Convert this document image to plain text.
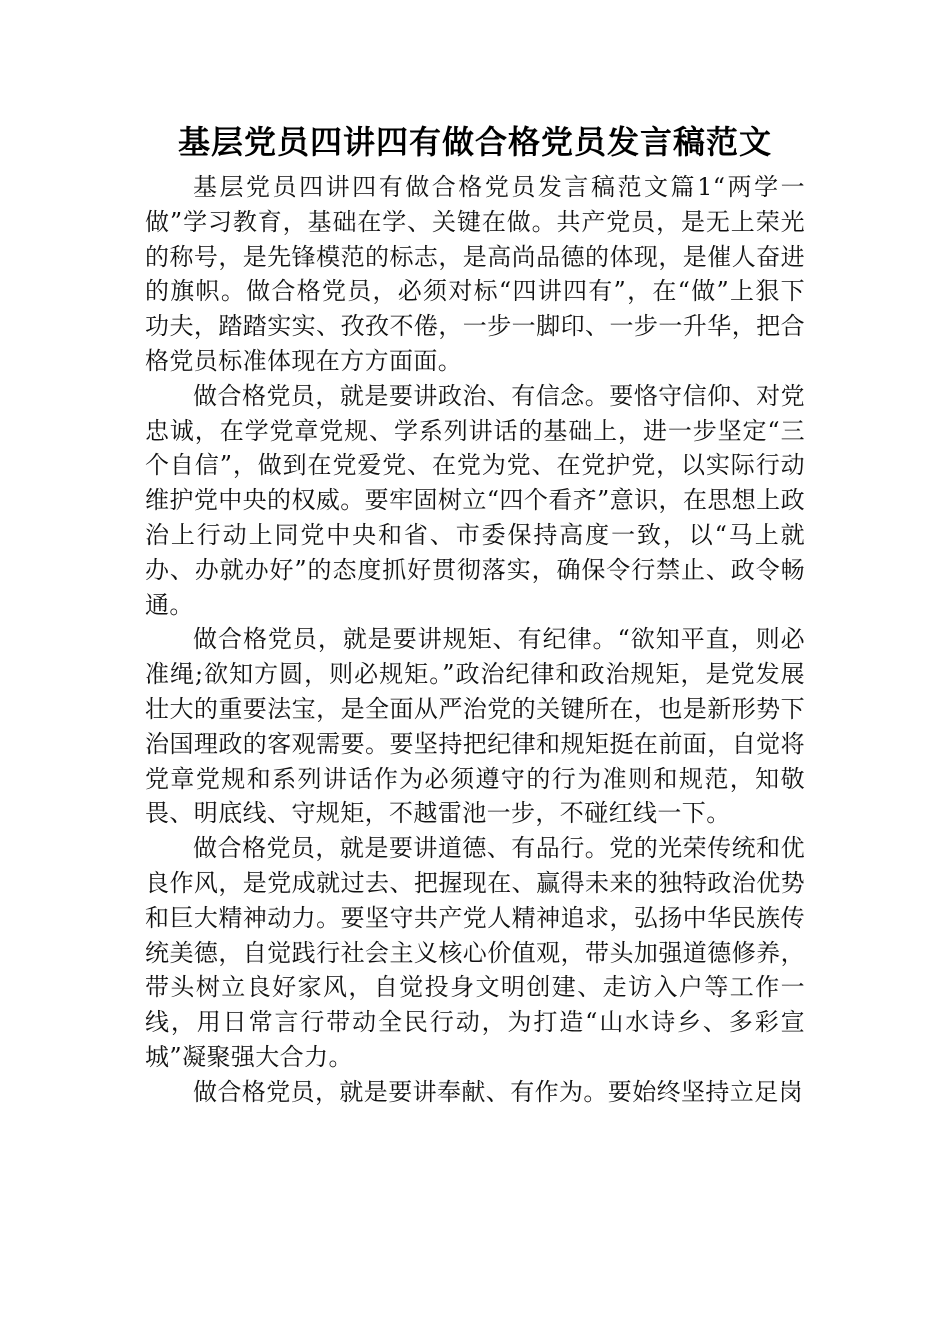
基层党员四讲四有做合格党员发言稿范文

基层党员四讲四有做合格党员发言稿范文篇1“两学一做”学习教育，基础在学、关键在做。共产党员，是无上荣光的称号，是先锋模范的标志，是高尚品德的体现，是催人奋进的旗帜。做合格党员，必须对标“四讲四有”，在“做”上狠下功夫，踏踏实实、孜孜不倦，一步一脚印、一步一升华，把合格党员标准体现在方方面面。

做合格党员，就是要讲政治、有信念。要恪守信仰、对党忠诚，在学党章党规、学系列讲话的基础上，进一步坚定“三个自信”，做到在党爱党、在党为党、在党护党，以实际行动维护党中央的权威。要牢固树立“四个看齐”意识，在思想上政治上行动上同党中央和省、市委保持高度一致，以“马上就办、办就办好”的态度抓好贯彻落实，确保令行禁止、政令畅通。

做合格党员，就是要讲规矩、有纪律。“欲知平直，则必准绳;欲知方圆，则必规矩。”政治纪律和政治规矩，是党发展壮大的重要法宝，是全面从严治党的关键所在，也是新形势下治国理政的客观需要。要坚持把纪律和规矩挺在前面，自觉将党章党规和系列讲话作为必须遵守的行为准则和规范，知敬畏、明底线、守规矩，不越雷池一步，不碰红线一下。

做合格党员，就是要讲道德、有品行。党的光荣传统和优良作风，是党成就过去、把握现在、赢得未来的独特政治优势和巨大精神动力。要坚守共产党人精神追求，弘扬中华民族传统美德，自觉践行社会主义核心价值观，带头加强道德修养，带头树立良好家风，自觉投身文明创建、走访入户等工作一线，用日常言行带动全民行动，为打造“山水诗乡、多彩宣城”凝聚强大合力。

做合格党员，就是要讲奉献、有作为。要始终坚持立足岗
